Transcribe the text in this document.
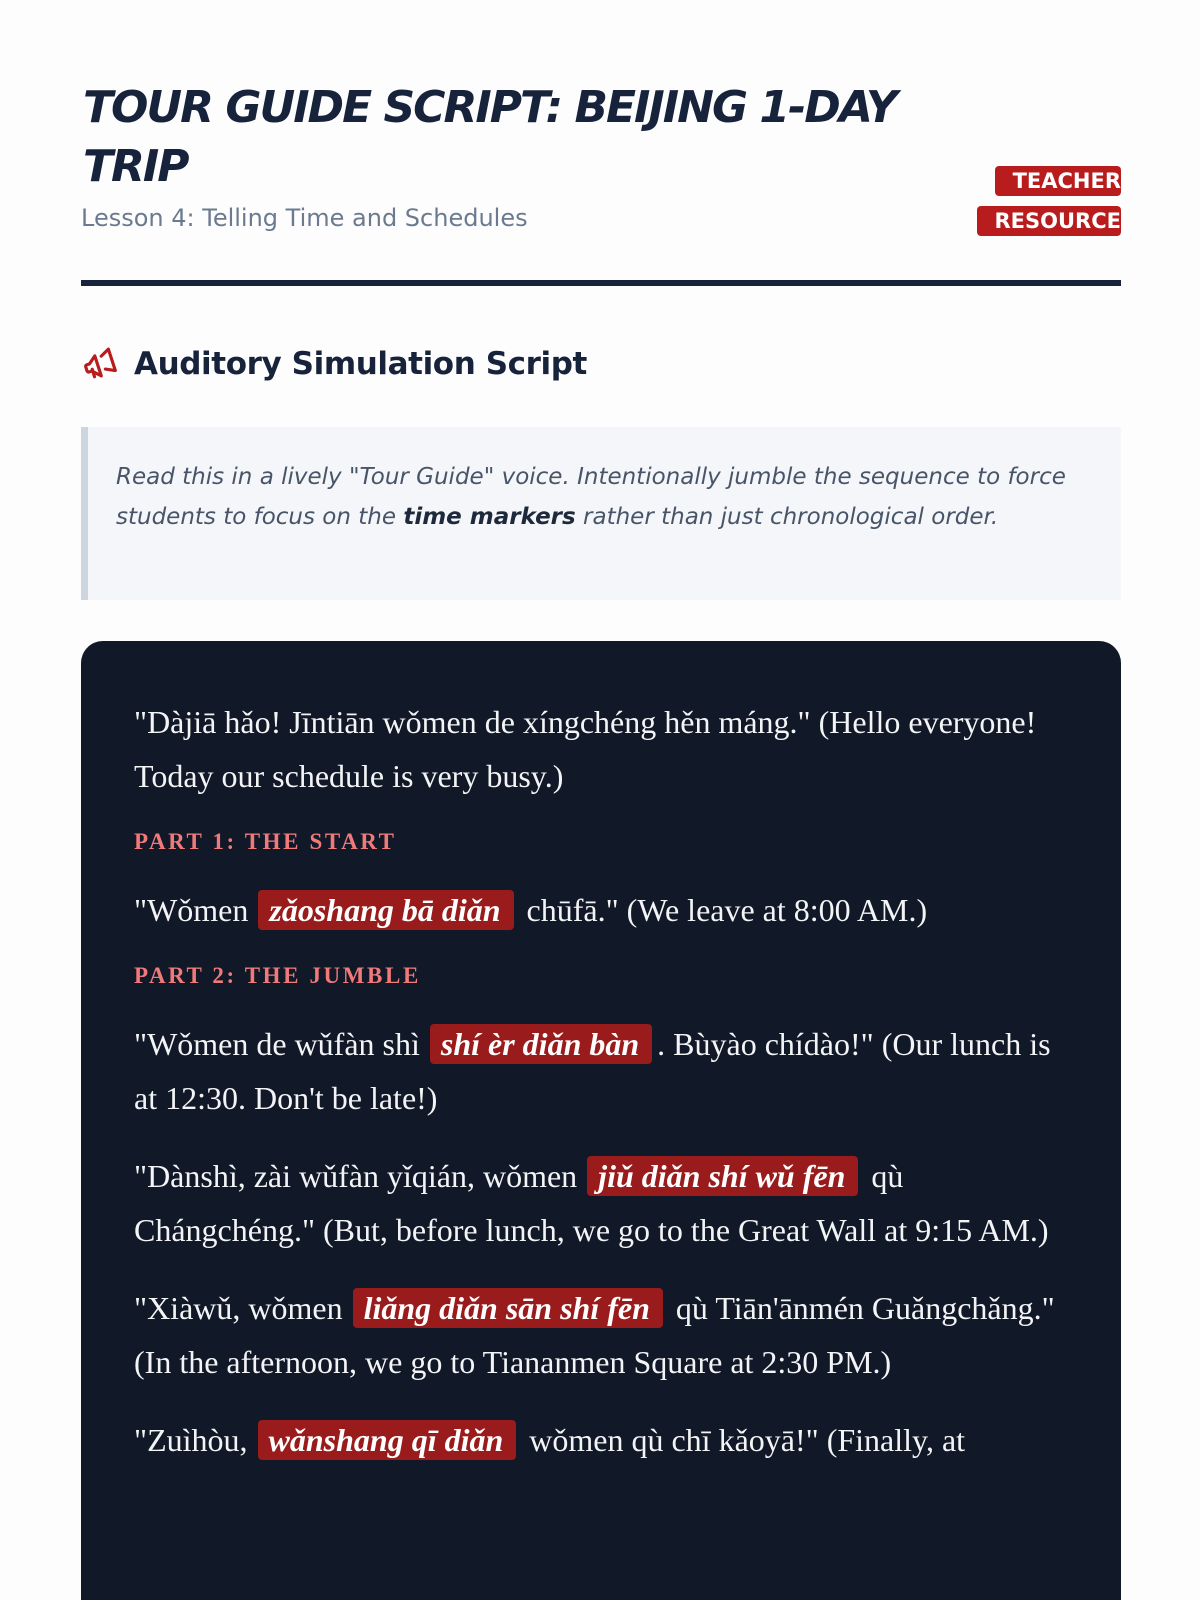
TOUR GUIDE SCRIPT: BEIJING 1-DAY TRIP
Lesson 4: Telling Time and Schedules
TEACHER RESOURCE
Auditory Simulation Script
Read this in a lively "Tour Guide" voice. Intentionally jumble the sequence to force students to focus on the time markers rather than just chronological order.

"Dàjiā hǎo! Jīntiān wǒmen de xíngchéng hěn máng." (Hello everyone! Today our schedule is very busy.)

PART 1: THE START

"Wǒmen zǎoshang bā diǎn chūfā." (We leave at 8:00 AM.)

PART 2: THE JUMBLE

"Wǒmen de wǔfàn shì shí èr diǎn bàn . Bùyào chídào!" (Our lunch is at 12:30. Don't be late!)

"Dànshì, zài wǔfàn yǐqián, wǒmen jiǔ diǎn shí wǔ fēn qù Chángchéng." (But, before lunch, we go to the Great Wall at 9:15 AM.)

"Xiàwǔ, wǒmen liǎng diǎn sān shí fēn qù Tiān'ānmén Guǎngchǎng." (In the afternoon, we go to Tiananmen Square at 2:30 PM.)

"Zuìhòu, wǎnshang qī diǎn wǒmen qù chī kǎoyā!" (Finally, at
